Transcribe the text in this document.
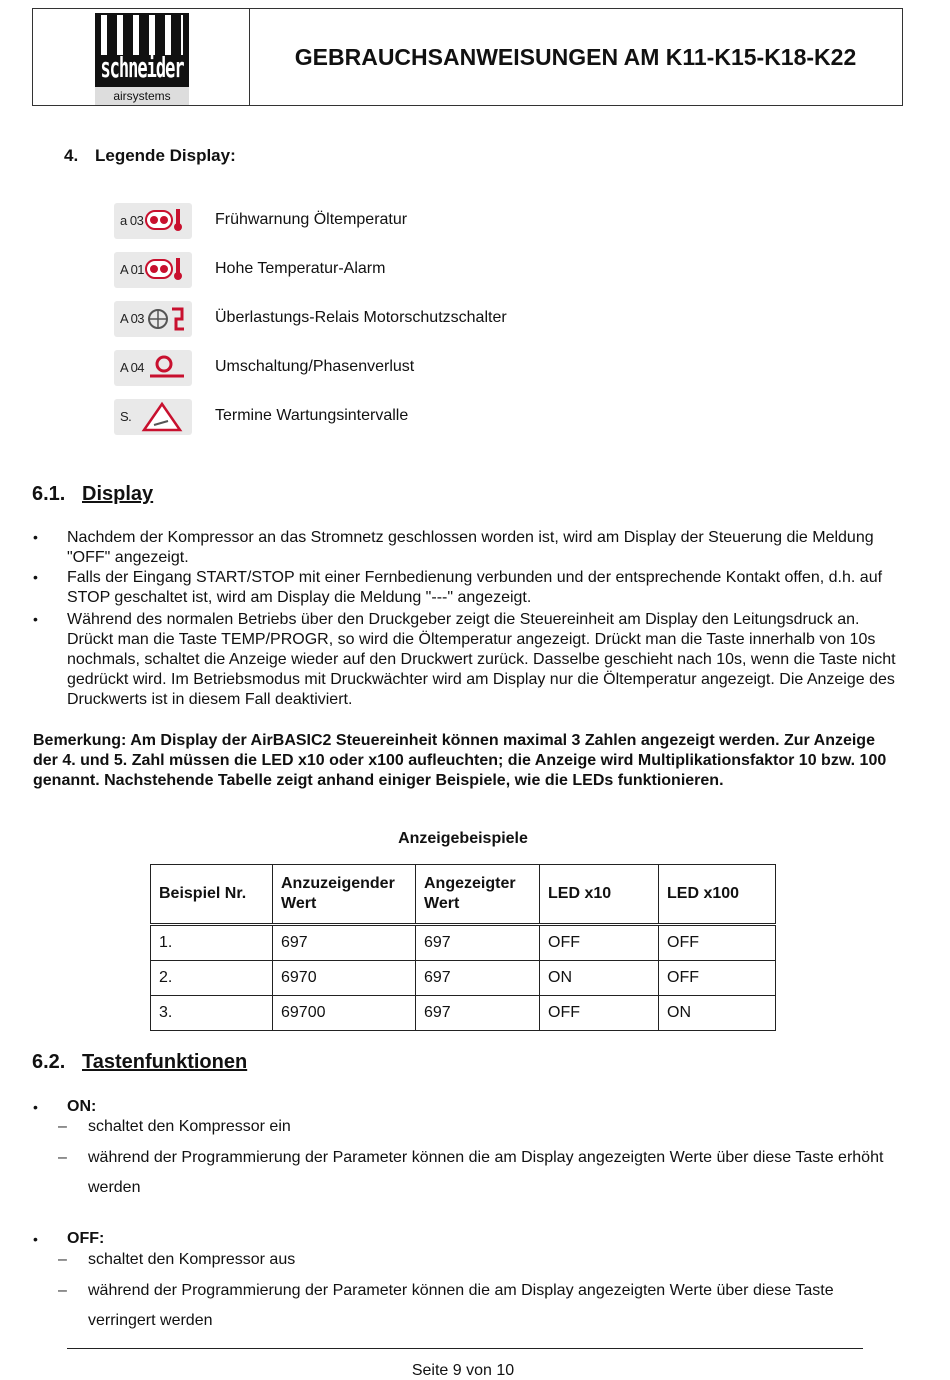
schneider
airsystems
GEBRAUCHSANWEISUNGEN AM K11-K15-K18-K22
4. Legende Display:
a 03	Frühwarnung Öltemperatur
A 01	Hohe Temperatur-Alarm
A 03	Überlastungs-Relais Motorschutzschalter
A 04	Umschaltung/Phasenverlust
S.	Termine Wartungsintervalle
6.1. Display
• Nachdem der Kompressor an das Stromnetz geschlossen worden ist, wird am Display der Steuerung die Meldung "OFF" angezeigt.
• Falls der Eingang START/STOP mit einer Fernbedienung verbunden und der entsprechende Kontakt offen, d.h. auf STOP geschaltet ist, wird am Display die Meldung "---" angezeigt.
• Während des normalen Betriebs über den Druckgeber zeigt die Steuereinheit am Display den Leitungsdruck an. Drückt man die Taste TEMP/PROGR, so wird die Öltemperatur angezeigt. Drückt man die Taste innerhalb von 10s nochmals, schaltet die Anzeige wieder auf den Druckwert zurück. Dasselbe geschieht nach 10s, wenn die Taste nicht gedrückt wird. Im Betriebsmodus mit Druckwächter wird am Display nur die Öltemperatur angezeigt. Die Anzeige des Druckwerts ist in diesem Fall deaktiviert.
Bemerkung: Am Display der AirBASIC2 Steuereinheit können maximal 3 Zahlen angezeigt werden. Zur Anzeige der 4. und 5. Zahl müssen die LED x10 oder x100 aufleuchten; die Anzeige wird Multiplikationsfaktor 10 bzw. 100 genannt. Nachstehende Tabelle zeigt anhand einiger Beispiele, wie die LEDs funktionieren.
Anzeigebeispiele
Beispiel Nr.	Anzuzeigender Wert	Angezeigter Wert	LED x10	LED x100
1.	697	697	OFF	OFF
2.	6970	697	ON	OFF
3.	69700	697	OFF	ON
6.2. Tastenfunktionen
• ON:
– schaltet den Kompressor ein
– während der Programmierung der Parameter können die am Display angezeigten Werte über diese Taste erhöht werden
• OFF:
– schaltet den Kompressor aus
– während der Programmierung der Parameter können die am Display angezeigten Werte über diese Taste verringert werden
Seite 9 von 10
